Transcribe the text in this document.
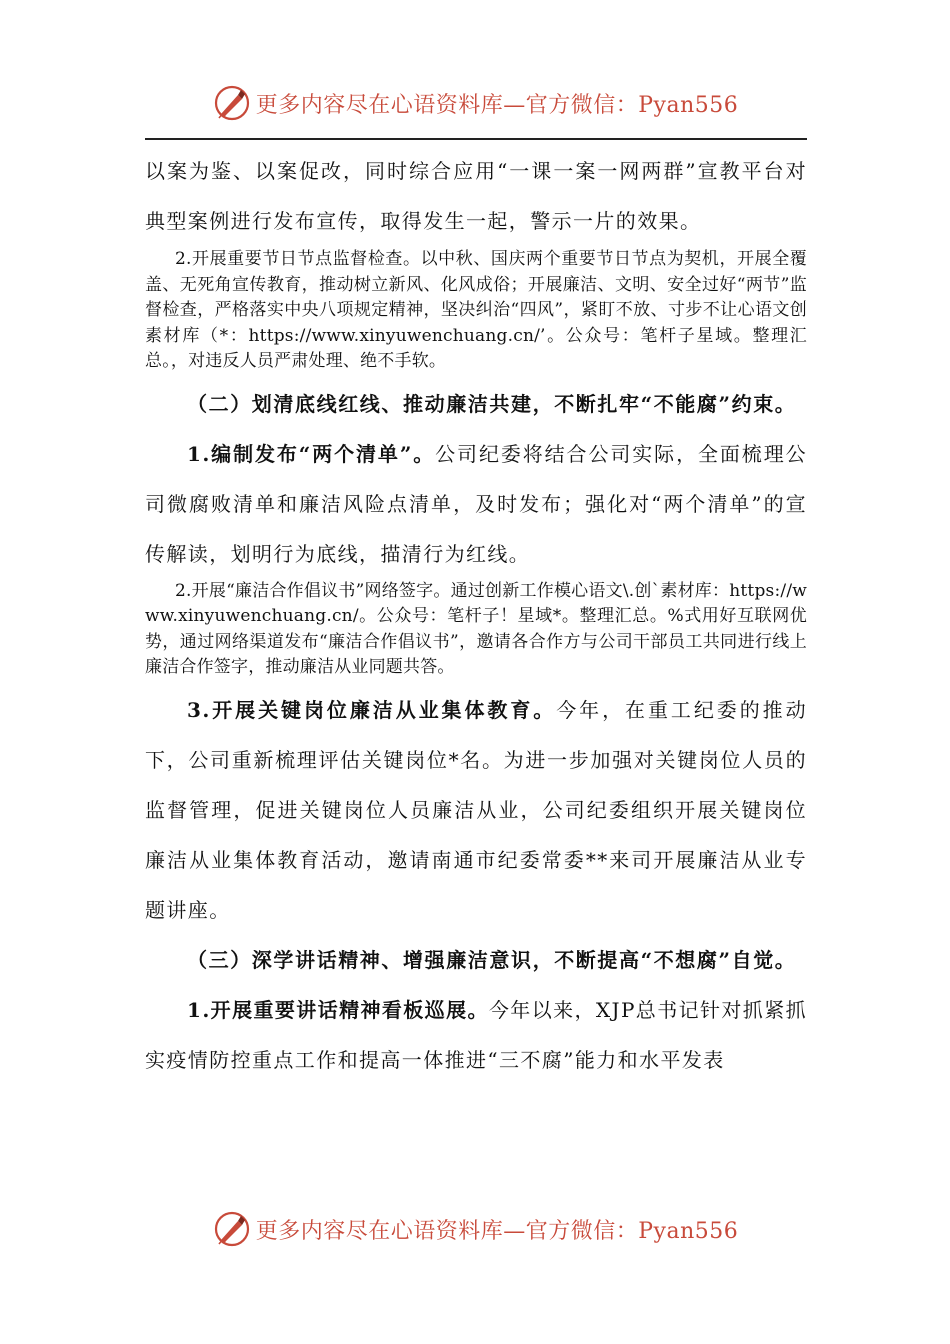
更多内容尽在心语资料库—官方微信：Pyan556

以案为鉴、以案促改，同时综合应用“一课一案一网两群”宣教平台对典型案例进行发布宣传，取得发生一起，警示一片的效果。

2.开展重要节日节点监督检查。以中秋、国庆两个重要节日节点为契机，开展全覆盖、无死角宣传教育，推动树立新风、化风成俗；开展廉洁、文明、安全过好“两节”监督检查，严格落实中央八项规定精神，坚决纠治“四风”，紧盯不放、寸步不让心语文创素材库（*：https://www.xinyuwenchuang.cn/’。公众号：笔杆子星域。整理汇总。，对违反人员严肃处理、绝不手软。

（二）划清底线红线、推动廉洁共建，不断扎牢“不能腐”约束。

1.编制发布“两个清单”。公司纪委将结合公司实际，全面梳理公司微腐败清单和廉洁风险点清单，及时发布；强化对“两个清单”的宣传解读，划明行为底线，描清行为红线。

2.开展“廉洁合作倡议书”网络签字。通过创新工作模心语文\.创`素材库：https://www.xinyuwenchuang.cn/。公众号：笔杆子！星域*。整理汇总。%式用好互联网优势，通过网络渠道发布“廉洁合作倡议书”，邀请各合作方与公司干部员工共同进行线上廉洁合作签字，推动廉洁从业同题共答。

3.开展关键岗位廉洁从业集体教育。今年，在重工纪委的推动下，公司重新梳理评估关键岗位*名。为进一步加强对关键岗位人员的监督管理，促进关键岗位人员廉洁从业，公司纪委组织开展关键岗位廉洁从业集体教育活动，邀请南通市纪委常委**来司开展廉洁从业专题讲座。

（三）深学讲话精神、增强廉洁意识，不断提高“不想腐”自觉。

1.开展重要讲话精神看板巡展。今年以来，XJP总书记针对抓紧抓实疫情防控重点工作和提高一体推进“三不腐”能力和水平发表

更多内容尽在心语资料库—官方微信：Pyan556
